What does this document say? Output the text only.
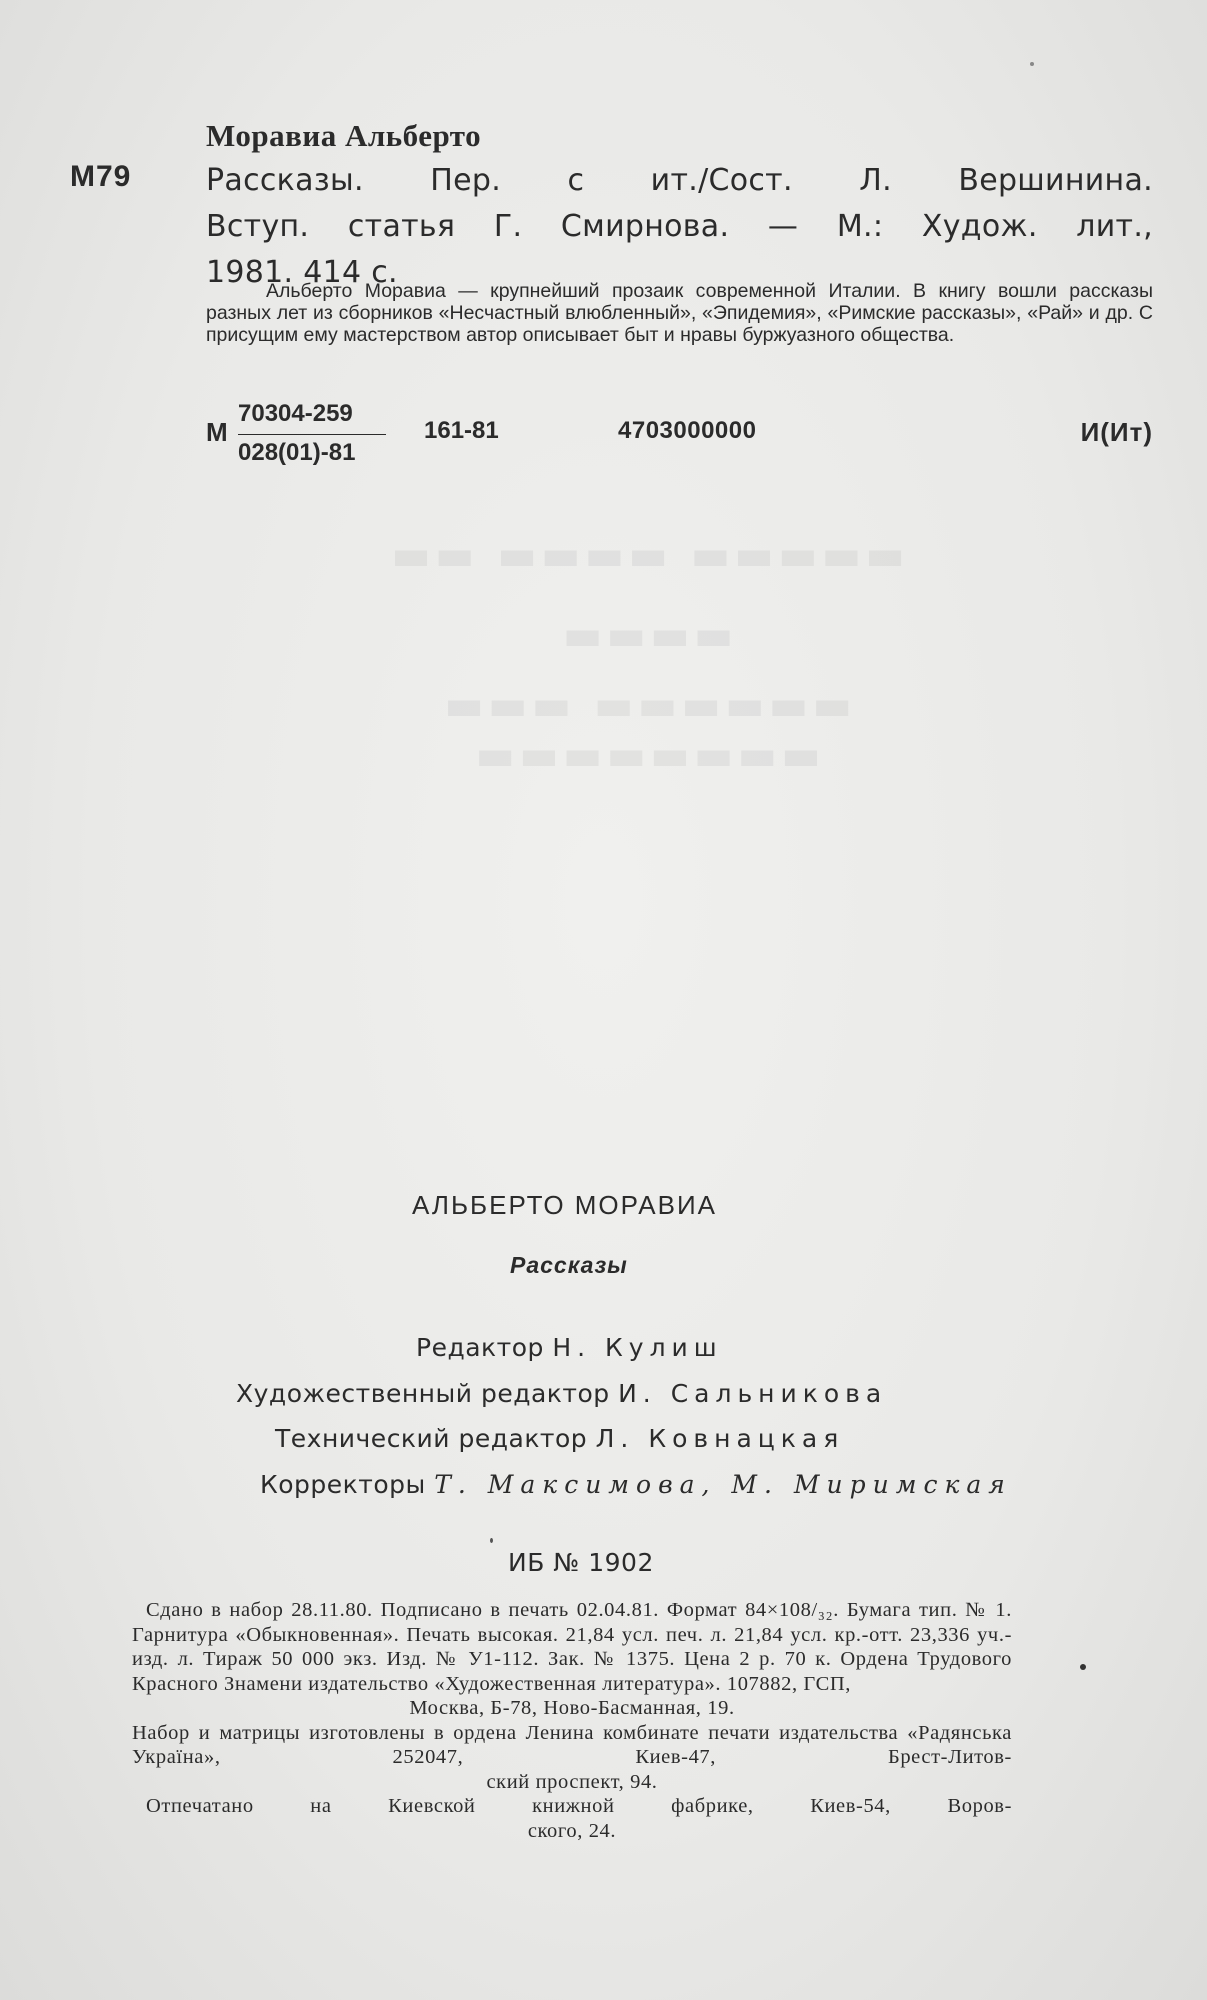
▬▬ ▬▬▬▬ ▬▬▬▬▬
▬▬▬▬
▬▬▬ ▬▬▬▬▬▬
▬▬▬▬▬▬▬▬
М79
Моравиа Альберто
Рассказы. Пер. с ит./Сост. Л. Вершинина.
Вступ. статья Г. Смирнова. — М.: Худож. лит.,
1981. 414 с.
Альберто Моравиа — крупнейший прозаик современной Италии. В книгу вошли рассказы разных лет из сборников «Несчастный влюбленный», «Эпидемия», «Римские рассказы», «Рай» и др. С присущим ему мастерством автор описывает быт и нравы буржуазного общества.
М
70304-259
028(01)-81
161-81	4703000000	И(Ит)
АЛЬБЕРТО МОРАВИА
Рассказы
Редактор Н. Кулиш
Художественный редактор И. Сальникова
Технический редактор Л. Ковнацкая
Корректоры Т. Максимова, М. Миримская
ИБ № 1902

Сдано в набор 28.11.80. Подписано в печать 02.04.81. Формат 84×108/₃₂. Бумага тип. № 1. Гарнитура «Обыкновенная». Печать высокая. 21,84 усл. печ. л. 21,84 усл. кр.-отт. 23,336 уч.-изд. л. Тираж 50 000 экз. Изд. № У1-112. Зак. № 1375. Цена 2 р. 70 к. Ордена Трудового Красного Знамени издательство «Художественная литература». 107882, ГСП,

Москва, Б-78, Ново-Басманная, 19.

Набор и матрицы изготовлены в ордена Ленина комбинате печати издательства «Радянська Україна», 252047, Киев-47, Брест-Литов-

ский проспект, 94.

Отпечатано на Киевской книжной фабрике, Киев-54, Воров-

ского, 24.
